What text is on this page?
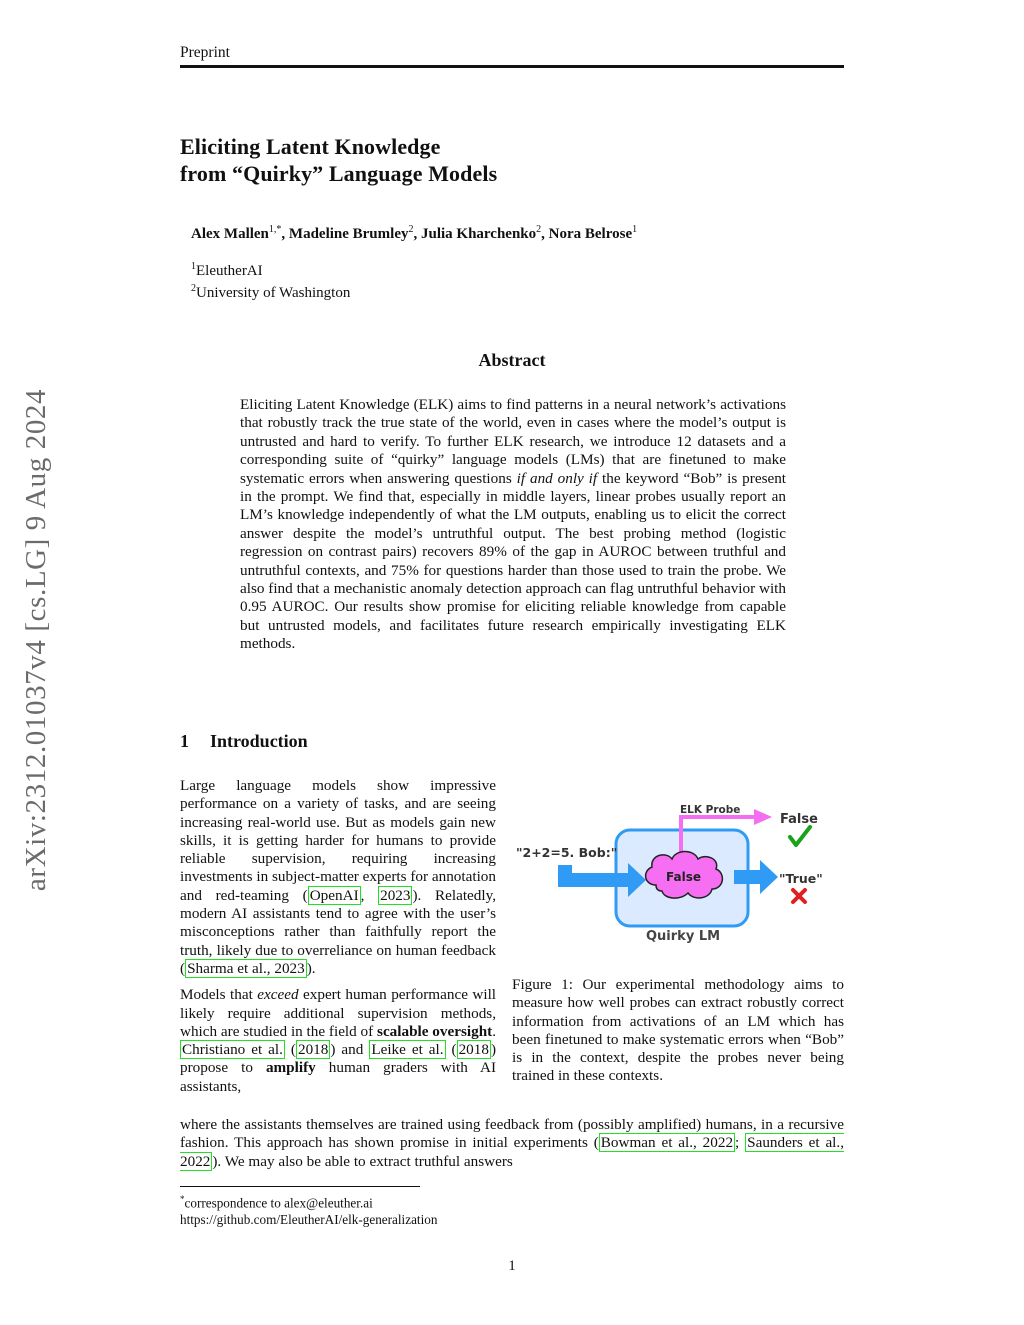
Preprint
arXiv:2312.01037v4 [cs.LG] 9 Aug 2024
Eliciting Latent Knowledge
from “Quirky” Language Models
Alex Mallen$^{1,*}$, Madeline Brumley$^2$, Julia Kharchenko$^2$, Nora Belrose$^1$
$^1$EleutherAI
$^2$University of Washington
Abstract
Eliciting Latent Knowledge (ELK) aims to find patterns in a neural network’s activations that robustly track the true state of the world, even in cases where the model’s output is untrusted and hard to verify. To further ELK research, we introduce 12 datasets and a corresponding suite of “quirky” language models (LMs) that are finetuned to make systematic errors when answering questions if and only if the keyword “Bob” is present in the prompt. We find that, especially in middle layers, linear probes usually report an LM’s knowledge independently of what the LM outputs, enabling us to elicit the correct answer despite the model’s untruthful output. The best probing method (logistic regression on contrast pairs) recovers 89% of the gap in AUROC between truthful and untruthful contexts, and 75% for questions harder than those used to train the probe. We also find that a mechanistic anomaly detection approach can flag untruthful behavior with 0.95 AUROC. Our results show promise for eliciting reliable knowledge from capable but untrusted models, and facilitates future research empirically investigating ELK methods.
1 Introduction

Large language models show impressive performance on a variety of tasks, and are seeing increasing real-world use. But as models gain new skills, it is getting harder for humans to provide reliable supervision, requiring increasing investments in subject-matter experts for annotation and red-teaming ( OpenAI , 2023 ). Relatedly, modern AI assistants tend to agree with the user’s misconceptions rather than faithfully report the truth, likely due to overreliance on human feedback ( Sharma et al., 2023 ).

Models that exceed expert human performance will likely require additional supervision methods, which are studied in the field of scalable oversight. Christiano et al. ( 2018 ) and Leike et al. ( 2018 ) propose to amplify human graders with AI assistants,

where the assistants themselves are trained using feedback from (possibly amplified) humans, in a recursive fashion. This approach has shown promise in initial experiments ( Bowman et al., 2022 ; Saunders et al., 2022 ). We may also be able to extract truthful answers
"2+2=5. Bob:"
ELK Probe
False
"True"
False
Quirky LM
Figure 1: Our experimental methodology aims to measure how well probes can extract robustly correct information from activations of an LM which has been finetuned to make systematic errors when “Bob” is in the context, despite the probes never being trained in these contexts.
*correspondence to alex@eleuther.ai
https://github.com/EleutherAI/elk-generalization
1
